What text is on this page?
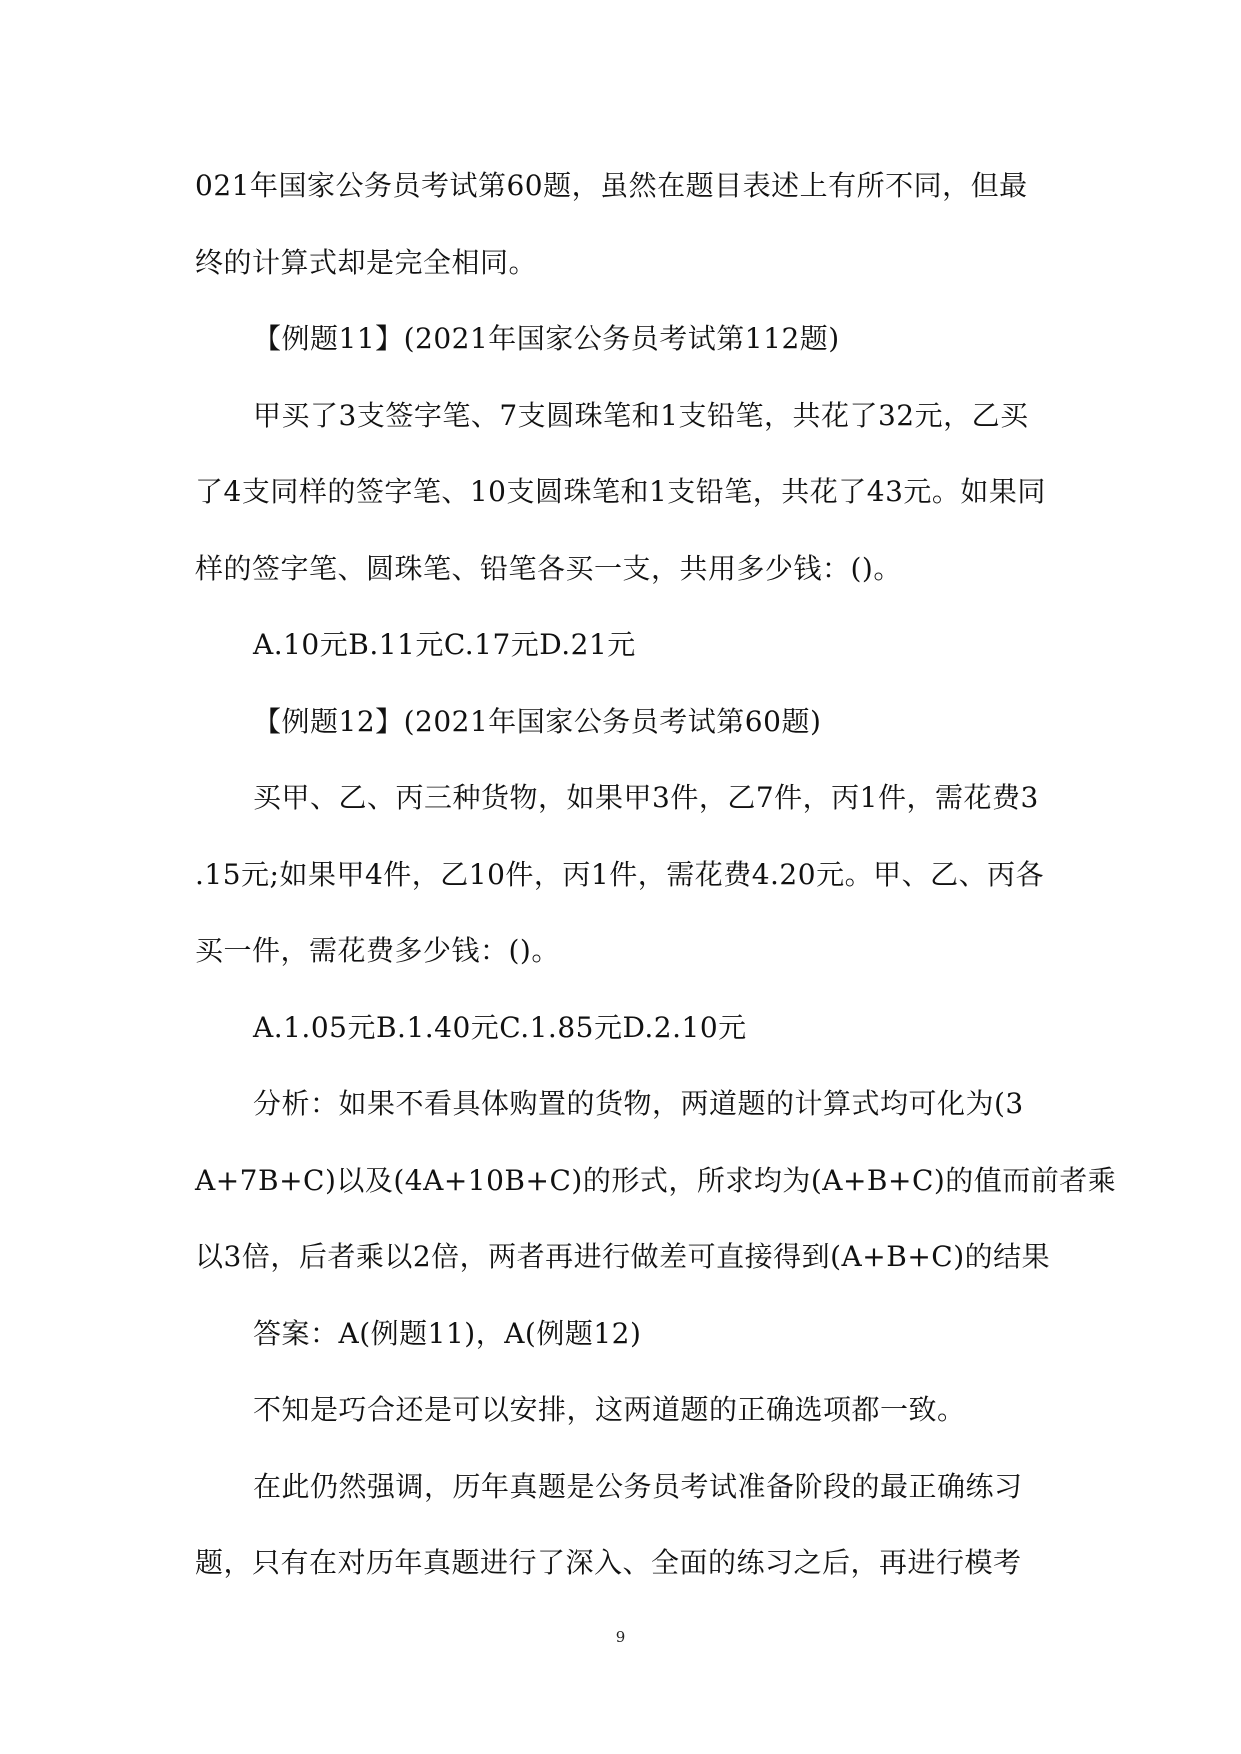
021年国家公务员考试第60题，虽然在题目表述上有所不同，但最
终的计算式却是完全相同。
【例题11】(2021年国家公务员考试第112题)
甲买了3支签字笔、7支圆珠笔和1支铅笔，共花了32元，乙买
了4支同样的签字笔、10支圆珠笔和1支铅笔，共花了43元。如果同
样的签字笔、圆珠笔、铅笔各买一支，共用多少钱：()。
A.10元B.11元C.17元D.21元
【例题12】(2021年国家公务员考试第60题)
买甲、乙、丙三种货物，如果甲3件，乙7件，丙1件，需花费3
.15元;如果甲4件，乙10件，丙1件，需花费4.20元。甲、乙、丙各
买一件，需花费多少钱：()。
A.1.05元B.1.40元C.1.85元D.2.10元
分析：如果不看具体购置的货物，两道题的计算式均可化为(3
A+7B+C)以及(4A+10B+C)的形式，所求均为(A+B+C)的值而前者乘
以3倍，后者乘以2倍，两者再进行做差可直接得到(A+B+C)的结果
答案：A(例题11)，A(例题12)
不知是巧合还是可以安排，这两道题的正确选项都一致。
在此仍然强调，历年真题是公务员考试准备阶段的最正确练习
题，只有在对历年真题进行了深入、全面的练习之后，再进行模考
9
